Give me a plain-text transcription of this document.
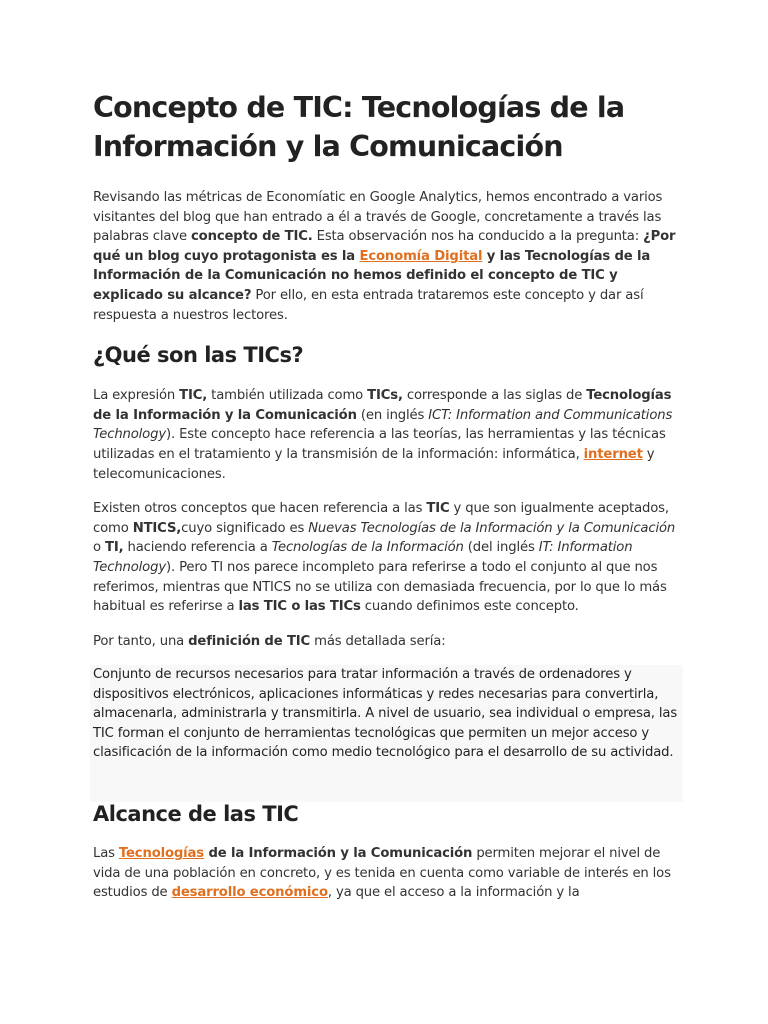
Concepto de TIC: Tecnologías de la Información y la Comunicación

Revisando las métricas de Economíatic en Google Analytics, hemos encontrado a varios visitantes del blog que han entrado a él a través de Google, concretamente a través las palabras clave concepto de TIC. Esta observación nos ha conducido a la pregunta: ¿Por qué un blog cuyo protagonista es la Economía Digital y las Tecnologías de la Información de la Comunicación no hemos definido el concepto de TIC y explicado su alcance? Por ello, en esta entrada trataremos este concepto y dar así respuesta a nuestros lectores.

¿Qué son las TICs?

La expresión TIC, también utilizada como TICs, corresponde a las siglas de Tecnologías de la Información y la Comunicación (en inglés ICT: Information and Communications Technology). Este concepto hace referencia a las teorías, las herramientas y las técnicas utilizadas en el tratamiento y la transmisión de la información: informática, internet y telecomunicaciones.

Existen otros conceptos que hacen referencia a las TIC y que son igualmente aceptados, como NTICS,cuyo significado es Nuevas Tecnologías de la Información y la Comunicación o TI, haciendo referencia a Tecnologías de la Información (del inglés IT: Information Technology). Pero TI nos parece incompleto para referirse a todo el conjunto al que nos referimos, mientras que NTICS no se utiliza con demasiada frecuencia, por lo que lo más habitual es referirse a las TIC o las TICs cuando definimos este concepto.

Por tanto, una definición de TIC más detallada sería:

Conjunto de recursos necesarios para tratar información a través de ordenadores y dispositivos electrónicos, aplicaciones informáticas y redes necesarias para convertirla, almacenarla, administrarla y transmitirla. A nivel de usuario, sea individual o empresa, las TIC forman el conjunto de herramientas tecnológicas que permiten un mejor acceso y clasificación de la información como medio tecnológico para el desarrollo de su actividad.

Alcance de las TIC

Las Tecnologías de la Información y la Comunicación permiten mejorar el nivel de vida de una población en concreto, y es tenida en cuenta como variable de interés en los estudios de desarrollo económico, ya que el acceso a la información y la
